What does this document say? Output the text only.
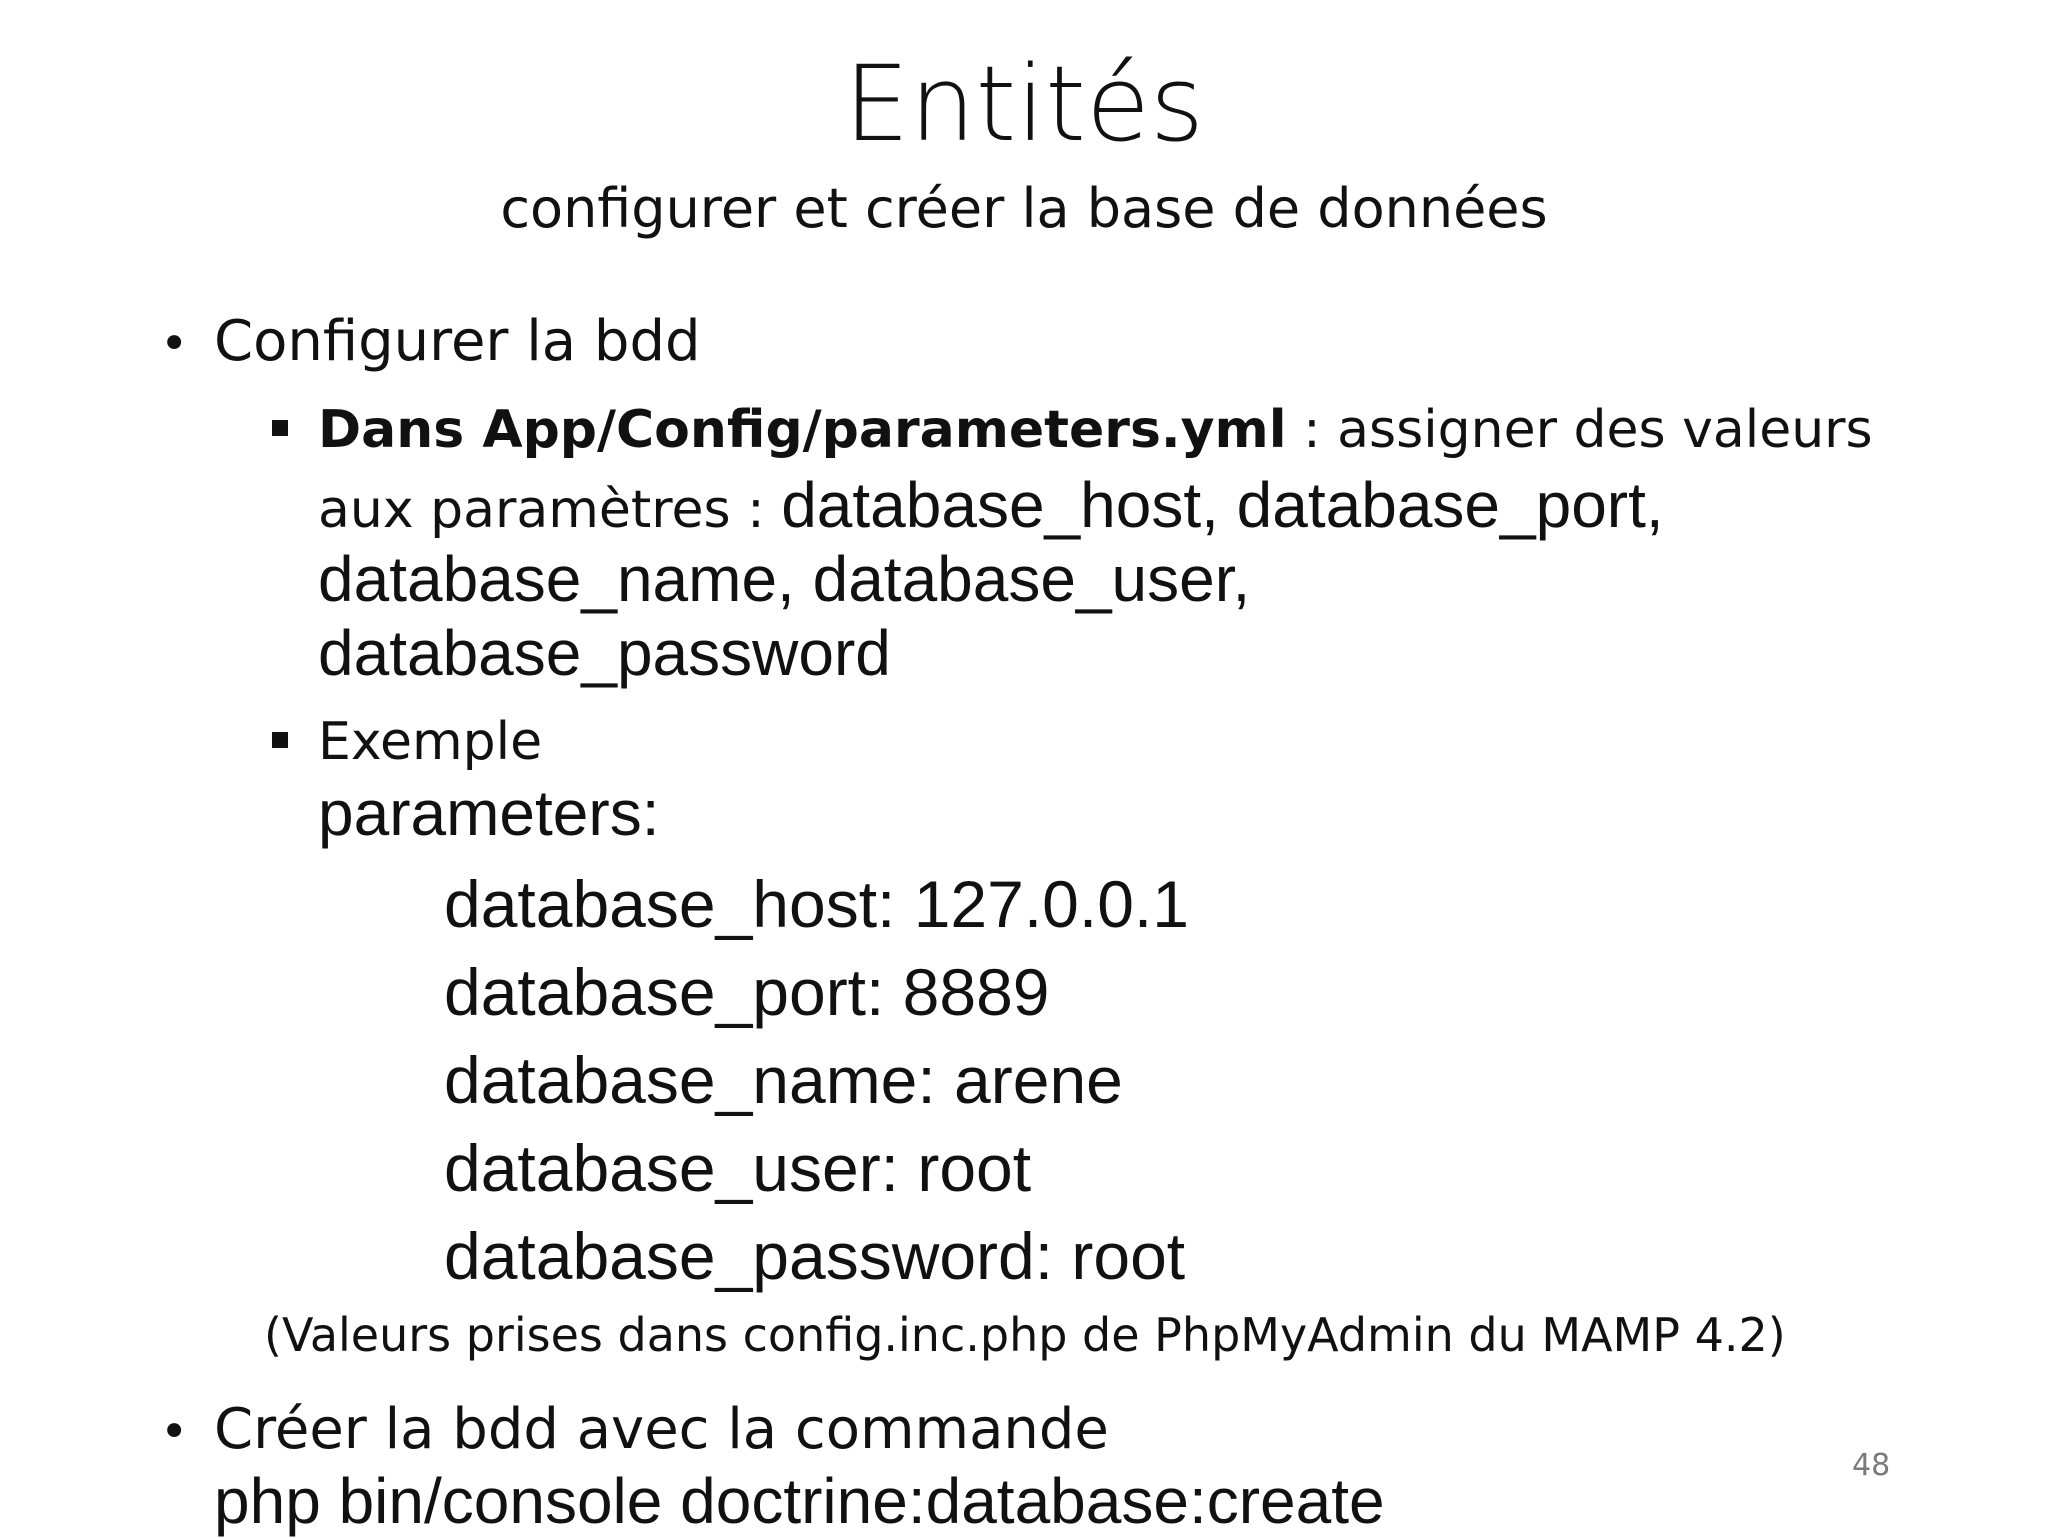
Entités
configurer et créer la base de données
• Configurer la bdd
Dans App/Config/parameters.yml : assigner des valeurs
aux paramètres : database_host, database_port,
database_name, database_user,
database_password
Exemple
parameters:
database_host: 127.0.0.1
database_port: 8889
database_name: arene
database_user: root
database_password: root
(Valeurs prises dans config.inc.php de PhpMyAdmin du MAMP 4.2)
• Créer la bdd avec la commande
php bin/console doctrine:database:create	48
